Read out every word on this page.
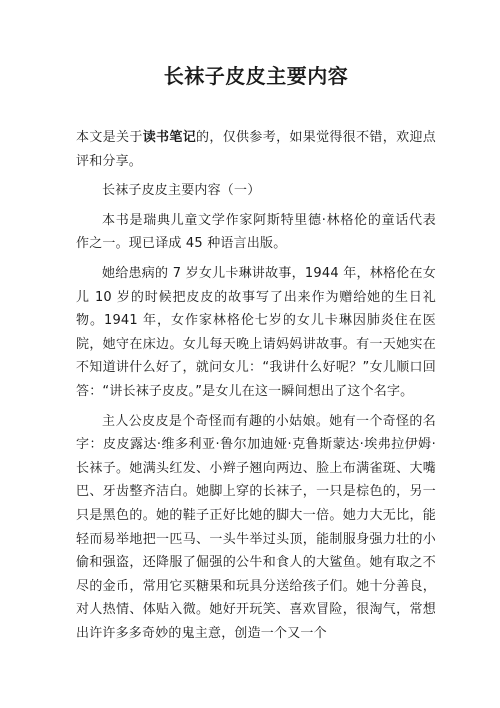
长袜子皮皮主要内容

本文是关于读书笔记的，仅供参考，如果觉得很不错，欢迎点评和分享。

长袜子皮皮主要内容（一）

本书是瑞典儿童文学作家阿斯特里德·林格伦的童话代表作之一。现已译成 45 种语言出版。

她给患病的 7 岁女儿卡琳讲故事，1944 年，林格伦在女儿 10 岁的时候把皮皮的故事写了出来作为赠给她的生日礼物。1941 年，女作家林格伦七岁的女儿卡琳因肺炎住在医院，她守在床边。女儿每天晚上请妈妈讲故事。有一天她实在不知道讲什么好了，就问女儿：“我讲什么好呢？”女儿顺口回答：“讲长袜子皮皮。”是女儿在这一瞬间想出了这个名字。

主人公皮皮是个奇怪而有趣的小姑娘。她有一个奇怪的名字：皮皮露达·维多利亚·鲁尔加迪娅·克鲁斯蒙达·埃弗拉伊姆·长袜子。她满头红发、小辫子翘向两边、脸上布满雀斑、大嘴巴、牙齿整齐洁白。她脚上穿的长袜子，一只是棕色的，另一只是黑色的。她的鞋子正好比她的脚大一倍。她力大无比，能轻而易举地把一匹马、一头牛举过头顶，能制服身强力壮的小偷和强盗，还降服了倔强的公牛和食人的大鲨鱼。她有取之不尽的金币，常用它买糖果和玩具分送给孩子们。她十分善良，对人热情、体贴入微。她好开玩笑、喜欢冒险，很淘气，常想出许许多多奇妙的鬼主意，创造一个又一个
